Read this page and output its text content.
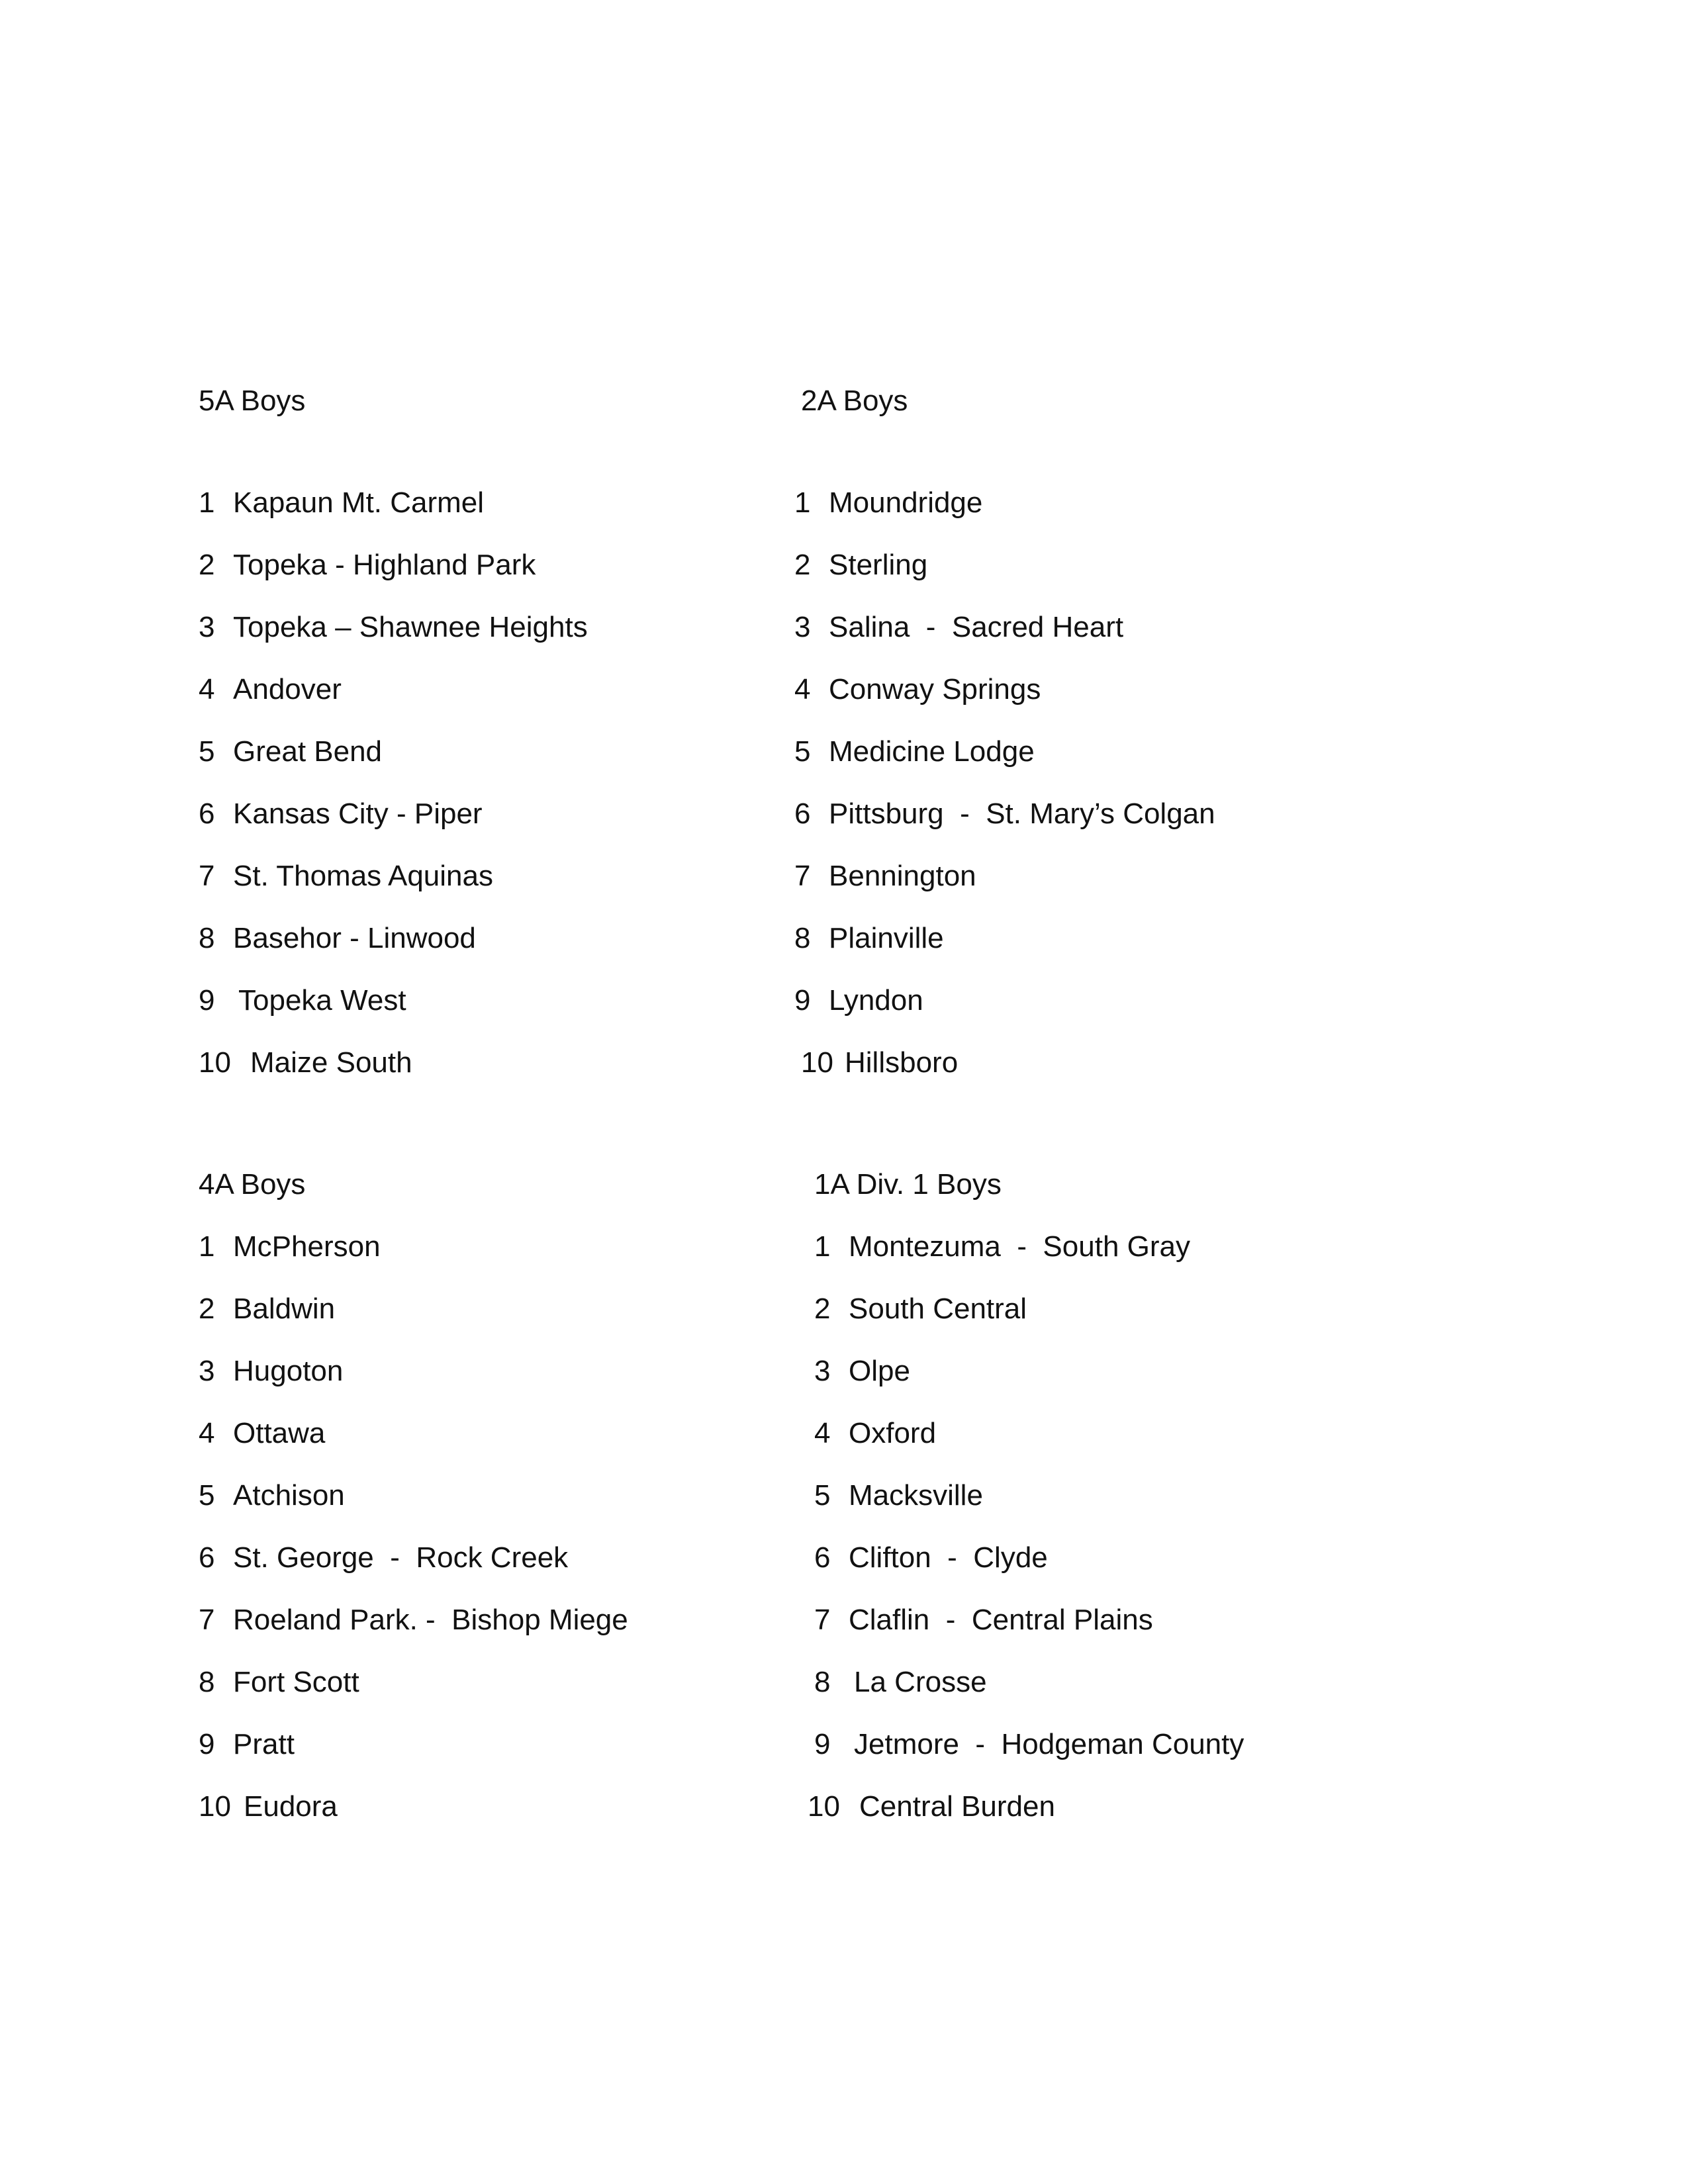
5A Boys
1 Kapaun Mt. Carmel
2 Topeka - Highland Park
3 Topeka – Shawnee Heights
4 Andover
5 Great Bend
6 Kansas City - Piper
7 St. Thomas Aquinas
8 Basehor - Linwood
9 Topeka West
10 Maize South
2A Boys
1 Moundridge
2 Sterling
3 Salina  -  Sacred Heart
4 Conway Springs
5 Medicine Lodge
6 Pittsburg  -  St. Mary’s Colgan
7 Bennington
8 Plainville
9 Lyndon
10 Hillsboro
4A Boys
1 McPherson
2 Baldwin
3 Hugoton
4 Ottawa
5 Atchison
6 St. George  -  Rock Creek
7 Roeland Park. -  Bishop Miege
8 Fort Scott
9 Pratt
10 Eudora
1A Div. 1 Boys
1 Montezuma  -  South Gray
2 South Central
3 Olpe
4 Oxford
5 Macksville
6 Clifton  -  Clyde
7 Claflin  -  Central Plains
8 La Crosse
9 Jetmore  -  Hodgeman County
10 Central Burden
